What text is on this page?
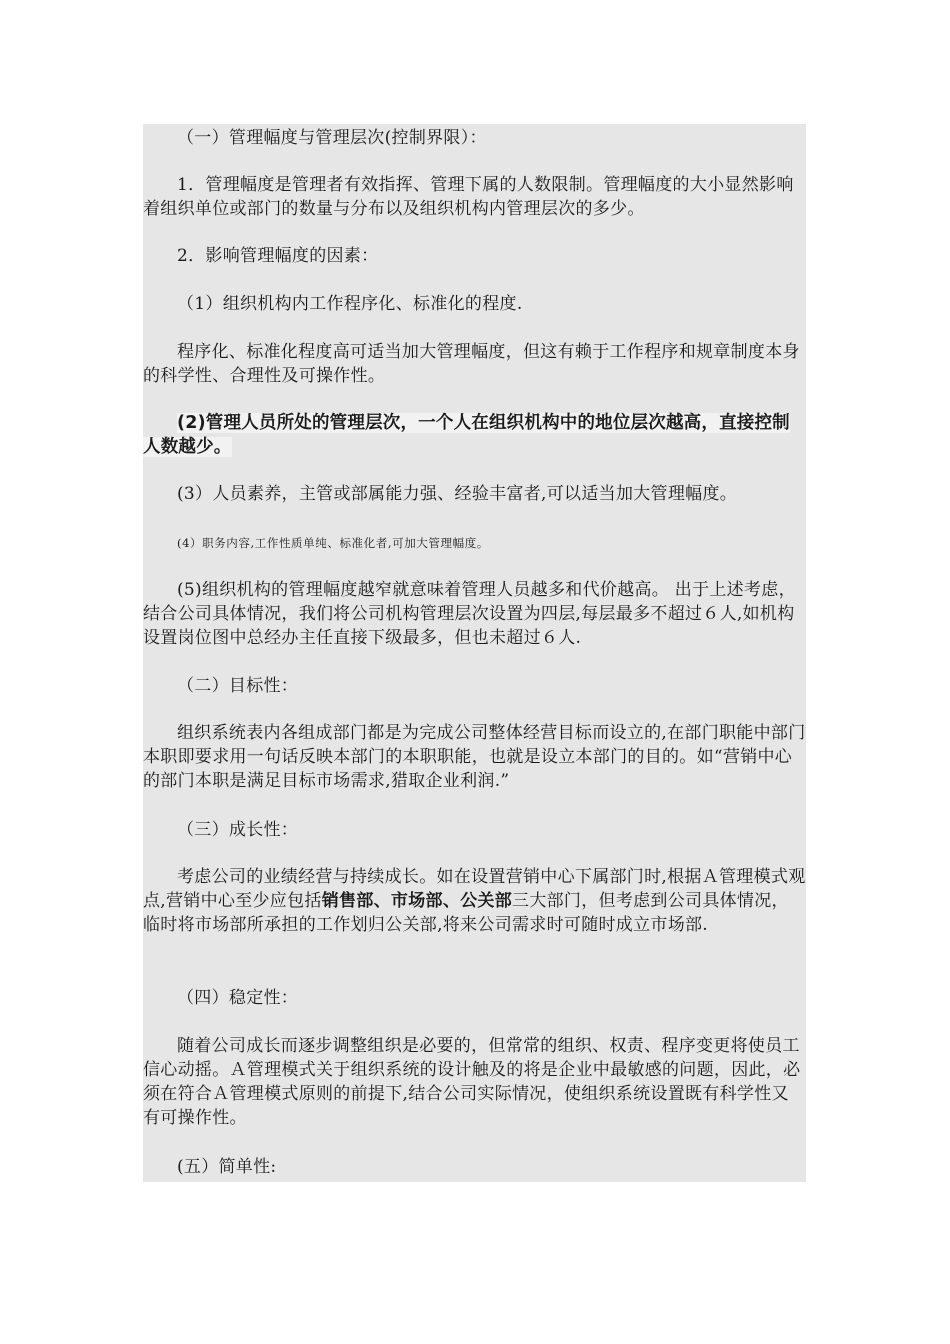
（一）管理幅度与管理层次(控制界限）：

1．管理幅度是管理者有效指挥、管理下属的人数限制。管理幅度的大小显然影响着组织单位或部门的数量与分布以及组织机构内管理层次的多少。

2．影响管理幅度的因素：

（1）组织机构内工作程序化、标准化的程度.

程序化、标准化程度高可适当加大管理幅度，但这有赖于工作程序和规章制度本身的科学性、合理性及可操作性。

(2)管理人员所处的管理层次，一个人在组织机构中的地位层次越高，直接控制人数越少。

(3）人员素养，主管或部属能力强、经验丰富者,可以适当加大管理幅度。

(4）职务内容,工作性质单纯、标准化者,可加大管理幅度。

(5)组织机构的管理幅度越窄就意味着管理人员越多和代价越高。 出于上述考虑，结合公司具体情况，我们将公司机构管理层次设置为四层,每层最多不超过６人,如机构设置岗位图中总经办主任直接下级最多，但也未超过６人.

（二）目标性：

组织系统表内各组成部门都是为完成公司整体经营目标而设立的,在部门职能中部门本职即要求用一句话反映本部门的本职职能，也就是设立本部门的目的。如“营销中心的部门本职是满足目标市场需求,猎取企业利润.”

（三）成长性：

考虑公司的业绩经营与持续成长。如在设置营销中心下属部门时,根据Ａ管理模式观点,营销中心至少应包括销售部、市场部、公关部三大部门，但考虑到公司具体情况，临时将市场部所承担的工作划归公关部,将来公司需求时可随时成立市场部.

（四）稳定性：

随着公司成长而逐步调整组织是必要的，但常常的组织、权责、程序变更将使员工信心动摇。Ａ管理模式关于组织系统的设计触及的将是企业中最敏感的问题，因此，必须在符合Ａ管理模式原则的前提下,结合公司实际情况，使组织系统设置既有科学性又有可操作性。

(五）简单性:
